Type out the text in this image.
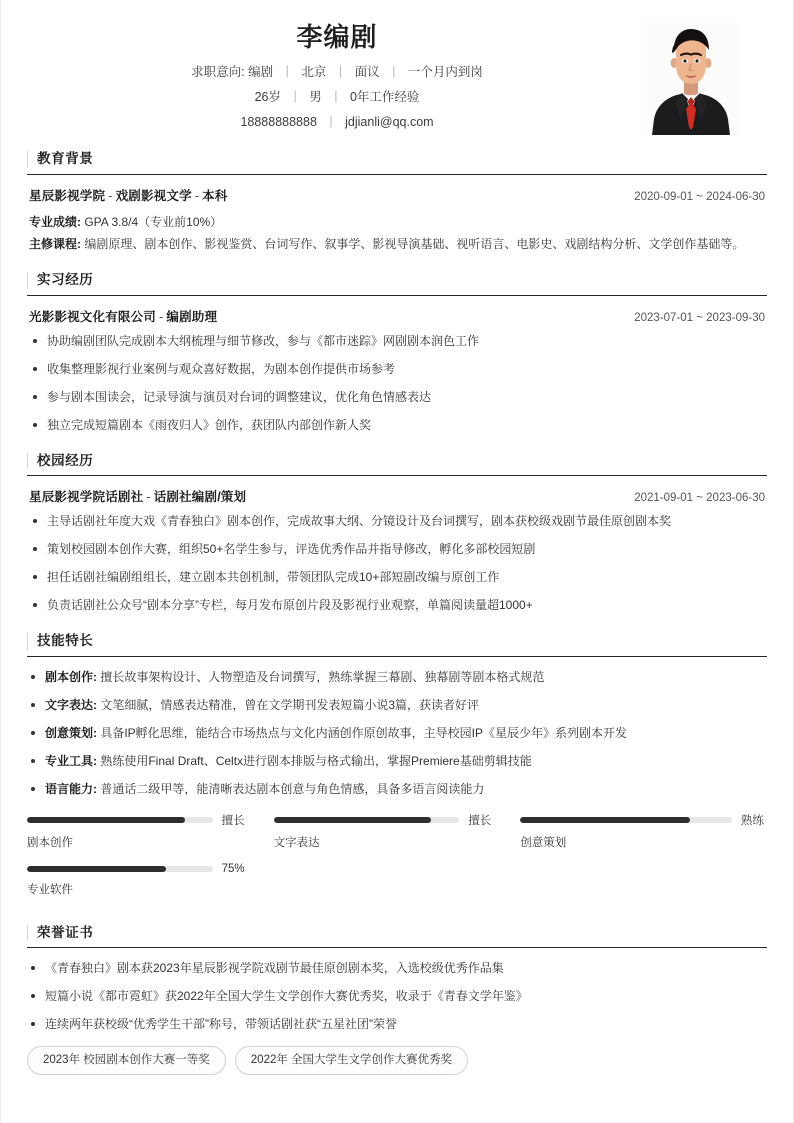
李编剧
求职意向: 编剧 | 北京 | 面议 | 一个月内到岗
26岁 | 男 | 0年工作经验
18888888888 | jdjianli@qq.com
教育背景
星辰影视学院 - 戏剧影视文学 - 本科	2020-09-01 ~ 2024-06-30
专业成绩: GPA 3.8/4（专业前10%）
主修课程: 编剧原理、剧本创作、影视鉴赏、台词写作、叙事学、影视导演基础、视听语言、电影史、戏剧结构分析、文学创作基础等。
实习经历
光影影视文化有限公司 - 编剧助理	2023-07-01 ~ 2023-09-30
协助编剧团队完成剧本大纲梳理与细节修改，参与《都市迷踪》网剧剧本润色工作
收集整理影视行业案例与观众喜好数据，为剧本创作提供市场参考
参与剧本围读会，记录导演与演员对台词的调整建议，优化角色情感表达
独立完成短篇剧本《雨夜归人》创作，获团队内部创作新人奖
校园经历
星辰影视学院话剧社 - 话剧社编剧/策划	2021-09-01 ~ 2023-06-30
主导话剧社年度大戏《青春独白》剧本创作，完成故事大纲、分镜设计及台词撰写，剧本获校级戏剧节最佳原创剧本奖
策划校园剧本创作大赛，组织50+名学生参与，评选优秀作品并指导修改，孵化多部校园短剧
担任话剧社编剧组组长，建立剧本共创机制，带领团队完成10+部短剧改编与原创工作
负责话剧社公众号“剧本分享”专栏，每月发布原创片段及影视行业观察，单篇阅读量超1000+
技能特长
剧本创作: 擅长故事架构设计、人物塑造及台词撰写，熟练掌握三幕剧、独幕剧等剧本格式规范
文字表达: 文笔细腻，情感表达精准，曾在文学期刊发表短篇小说3篇，获读者好评
创意策划: 具备IP孵化思维，能结合市场热点与文化内涵创作原创故事，主导校园IP《星辰少年》系列剧本开发
专业工具: 熟练使用Final Draft、Celtx进行剧本排版与格式输出，掌握Premiere基础剪辑技能
语言能力: 普通话二级甲等，能清晰表达剧本创意与角色情感，具备多语言阅读能力
擅长
剧本创作
擅长
文字表达
熟练
创意策划
75%
专业软件
荣誉证书
《青春独白》剧本获2023年星辰影视学院戏剧节最佳原创剧本奖，入选校级优秀作品集
短篇小说《都市霓虹》获2022年全国大学生文学创作大赛优秀奖，收录于《青春文学年鉴》
连续两年获校级“优秀学生干部”称号，带领话剧社获“五星社团”荣誉
2023年 校园剧本创作大赛一等奖	2022年 全国大学生文学创作大赛优秀奖
